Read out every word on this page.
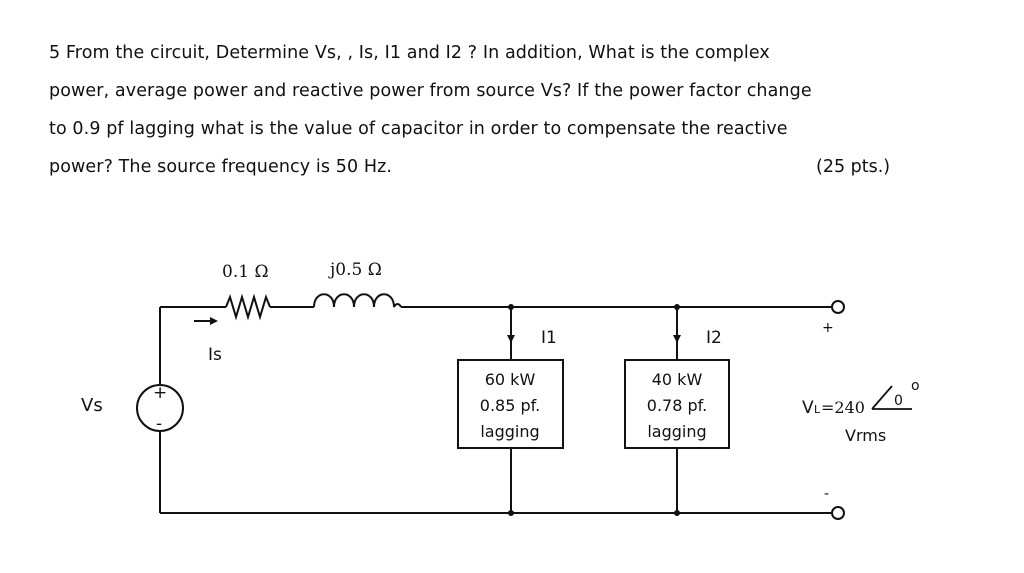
5 From the circuit, Determine Vs, , Is, I1 and I2 ? In addition, What is the complex
power, average power and reactive power from source Vs? If the power factor change
to 0.9 pf lagging what is the value of capacitor in order to compensate the reactive
power? The source frequency is 50 Hz.	(25 pts.)
0.1 Ω	j0.5 Ω
Is
Vs
+
-
I1	I2
60 kW
0.85 pf.
lagging
40 kW
0.78 pf.
lagging
+
-
V L =240 0
o
Vrms
